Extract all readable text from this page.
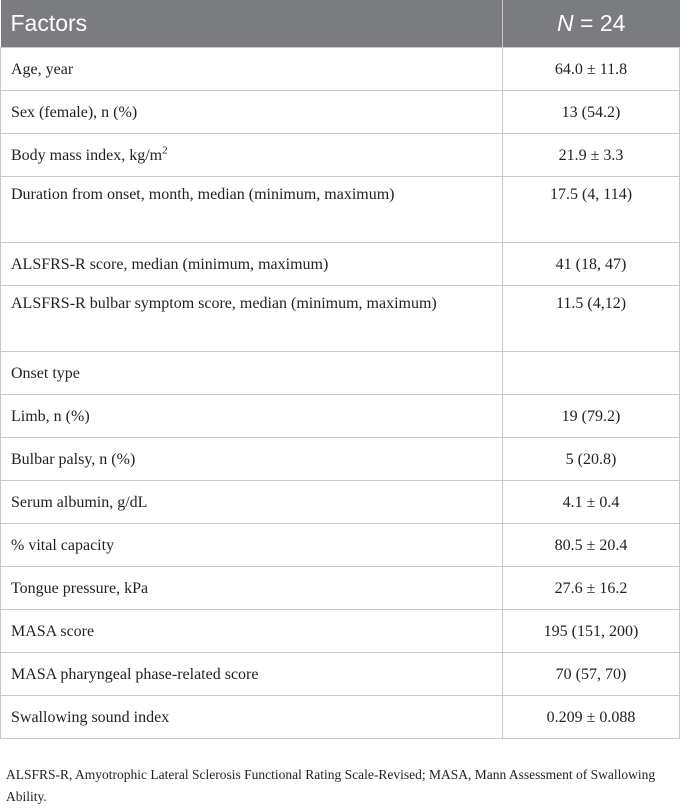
Factors	N = 24
Age, year	64.0 ± 11.8
Sex (female), n (%)	13 (54.2)
Body mass index, $kg/m^2$	21.9 ± 3.3
Duration from onset, month, median (minimum, maximum)	17.5 (4, 114)
ALSFRS-R score, median (minimum, maximum)	41 (18, 47)
ALSFRS-R bulbar symptom score, median (minimum, maximum)	11.5 (4,12)
Onset type	
Limb, n (%)	19 (79.2)
Bulbar palsy, n (%)	5 (20.8)
Serum albumin, g/dL	4.1 ± 0.4
% vital capacity	80.5 ± 20.4
Tongue pressure, kPa	27.6 ± 16.2
MASA score	195 (151, 200)
MASA pharyngeal phase-related score	70 (57, 70)
Swallowing sound index	0.209 ± 0.088
ALSFRS-R, Amyotrophic Lateral Sclerosis Functional Rating Scale-Revised; MASA, Mann Assessment of Swallowing Ability.
